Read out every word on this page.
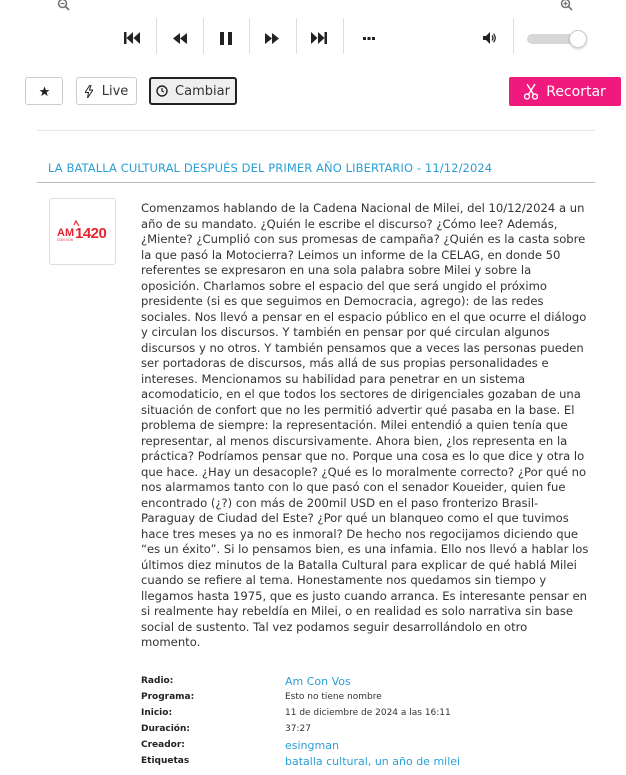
Live	Cambiar	Recortar
LA BATALLA CULTURAL DESPUÉS DEL PRIMER AÑO LIBERTARIO - 11/12/2024
AM
CON VOS 1420

Comenzamos hablando de la Cadena Nacional de Milei, del 10/12/2024 a un año de su mandato. ¿Quién le escribe el discurso? ¿Cómo lee? Además, ¿Miente? ¿Cumplió con sus promesas de campaña? ¿Quién es la casta sobre la que pasó la Motocierra? Leimos un informe de la CELAG, en donde 50 referentes se expresaron en una sola palabra sobre Milei y sobre la oposición. Charlamos sobre el espacio del que será ungido el próximo presidente (si es que seguimos en Democracia, agrego): de las redes sociales. Nos llevó a pensar en el espacio público en el que ocurre el diálogo y circulan los discursos. Y también en pensar por qué circulan algunos discursos y no otros. Y también pensamos que a veces las personas pueden ser portadoras de discursos, más allá de sus propias personalidades e intereses. Mencionamos su habilidad para penetrar en un sistema acomodaticio, en el que todos los sectores de dirigenciales gozaban de una situación de confort que no les permitió advertir qué pasaba en la base. El problema de siempre: la representación. Milei entendió a quien tenía que representar, al menos discursivamente. Ahora bien, ¿los representa en la práctica? Podríamos pensar que no. Porque una cosa es lo que dice y otra lo que hace. ¿Hay un desacople? ¿Qué es lo moralmente correcto? ¿Por qué no nos alarmamos tanto con lo que pasó con el senador Koueider, quien fue encontrado (¿?) con más de 200mil USD en el paso fronterizo Brasil-Paraguay de Ciudad del Este? ¿Por qué un blanqueo como el que tuvimos hace tres meses ya no es inmoral? De hecho nos regocijamos diciendo que “es un éxito”. Si lo pensamos bien, es una infamia. Ello nos llevó a hablar los últimos diez minutos de la Batalla Cultural para explicar de qué hablá Milei cuando se refiere al tema. Honestamente nos quedamos sin tiempo y llegamos hasta 1975, que es justo cuando arranca. Es interesante pensar en si realmente hay rebeldía en Milei, o en realidad es solo narrativa sin base social de sustento. Tal vez podamos seguir desarrollándolo en otro momento.

Radio:	Am Con Vos
Programa:	Esto no tiene nombre
Inicio:	11 de diciembre de 2024 a las 16:11
Duración:	37:27
Creador:	esingman
Etiquetas	batalla cultural , un año de milei
